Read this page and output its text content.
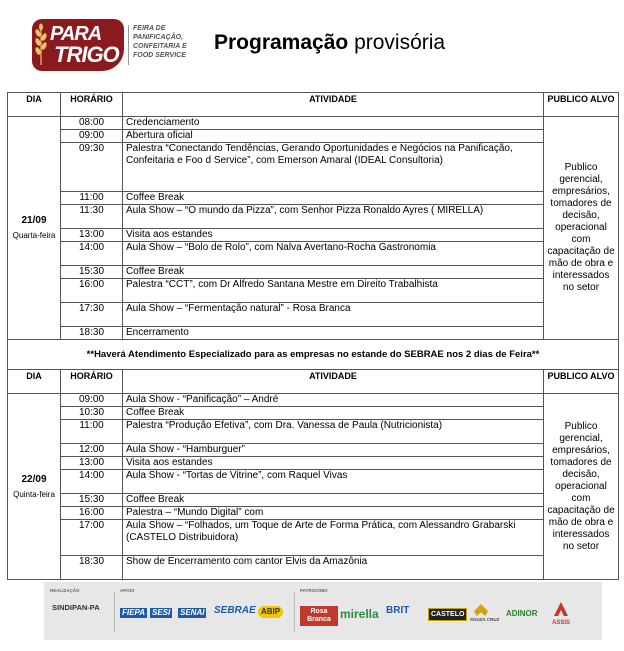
PARA
TRIGO
FEIRA DE
PANIFICAÇÃO,
CONFEITARIA E
FOOD SERVICE
Programação provisória
DIA	HORÁRIO	ATIVIDADE	PUBLICO ALVO

21/09
Quarta-feira	08:00	Credenciamento	Publico gerencial, empresários, tomadores de decisão, operacional com capacitação de mão de obra e interessados no setor
	09:00	Abertura oficial	
	09:30	Palestra “Conectando Tendências, Gerando Oportunidades e Negócios na Panificação, Confeitaria e Foo d Service”, com Emerson Amaral (IDEAL Consultoria)	
	11:00	Coffee Break	
	11:30	Aula Show – “O mundo da Pizza”, com Senhor Pizza Ronaldo Ayres ( MIRELLA)	
	13:00	Visita aos estandes	
	14:00	Aula Show – “Bolo de Rolo”, com Nalva Avertano-Rocha Gastronomia	
	15:30	Coffee Break	
	16:00	Palestra “CCT”, com Dr Alfredo Santana Mestre em Direito Trabalhista	
	17:30	Aula Show – “Fermentação natural” - Rosa Branca	
	18:30	Encerramento	
**Haverá Atendimento Especializado para as empresas no estande do SEBRAE nos 2 dias de Feira**			
DIA	HORÁRIO	ATIVIDADE	PUBLICO ALVO

22/09
Quinta-feira	09:00	Aula Show - “Panificação” – André	Publico gerencial, empresários, tomadores de decisão, operacional com capacitação de mão de obra e interessados no setor
	10:30	Coffee Break	
	11:00	Palestra “Produção Efetiva”, com Dra. Vanessa de Paula (Nutricionista)	
	12:00	Aula Show - “Hamburguer”	
	13:00	Visita aos estandes	
	14:00	Aula Show - “Tortas de Vitrine”, com Raquel Vivas	
	15:30	Coffee Break	
	16:00	Palestra – “Mundo Digital” com	
	17:00	Aula Show – “Folhados, um Toque de Arte de Forma Prática, com Alessandro Grabarski (CASTELO Distribuidora)	
	18:30	Show de Encerramento com cantor Elvis da Amazônia	
REALIZAÇÃO	APOIO	PATROCÍNIO
SINDIPAN-PA
FIEPA SESI SENAI SEBRAE ABIP	Rosa Branca mirella BRIT	CASTELO
SOUZA CRUZ
ADINOR
ASSIS
